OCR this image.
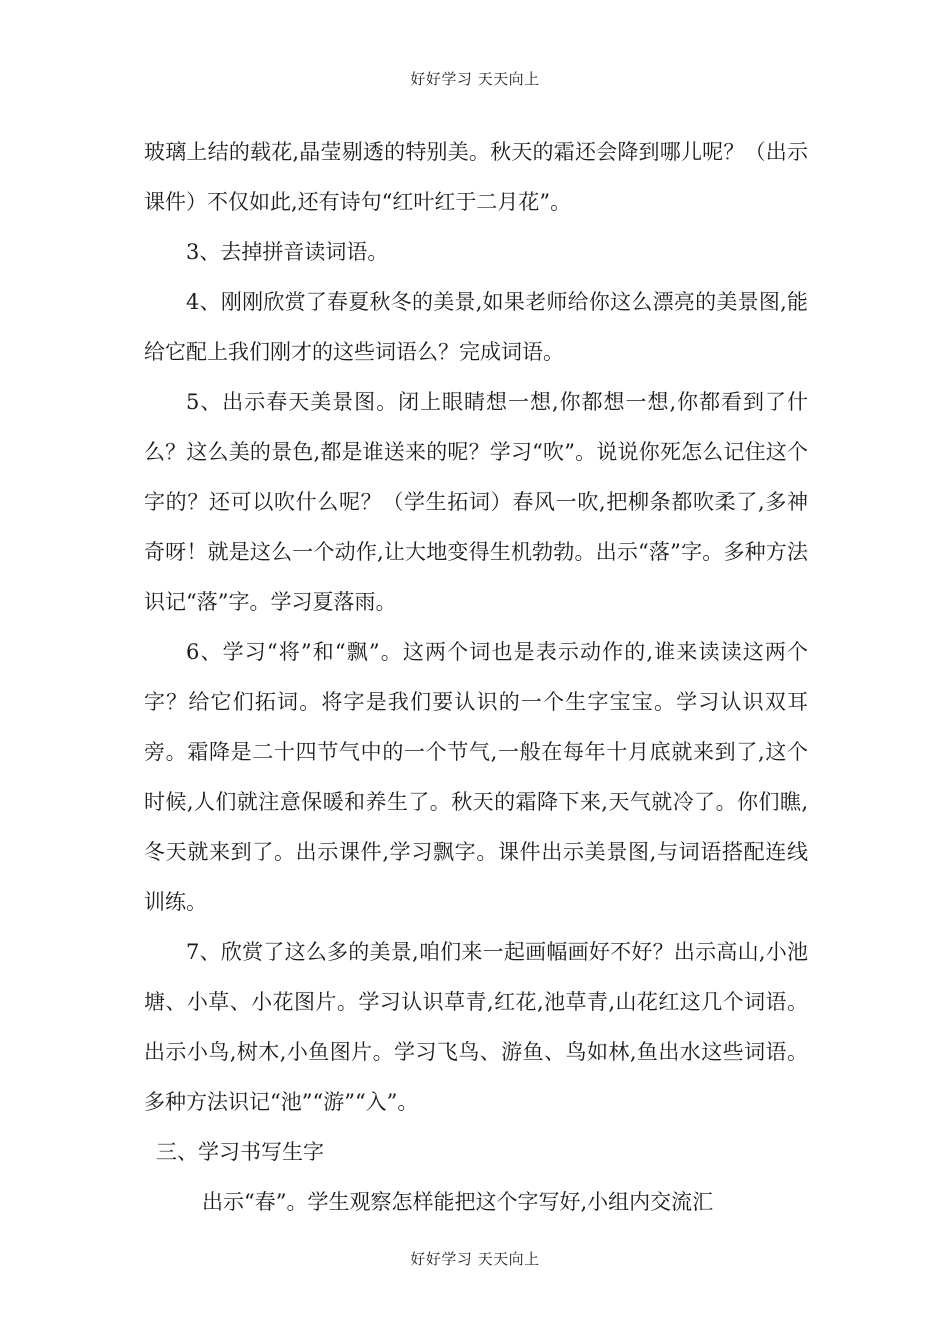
好好学习 天天向上

玻璃上结的载花,晶莹剔透的特别美。秋天的霜还会降到哪儿呢？（出示课件）不仅如此,还有诗句“红叶红于二月花”。

3、去掉拼音读词语。

4、刚刚欣赏了春夏秋冬的美景,如果老师给你这么漂亮的美景图,能给它配上我们刚才的这些词语么？完成词语。

5、出示春天美景图。闭上眼睛想一想,你都想一想,你都看到了什么？这么美的景色,都是谁送来的呢？学习“吹”。说说你死怎么记住这个字的？还可以吹什么呢？（学生拓词）春风一吹,把柳条都吹柔了,多神奇呀！就是这么一个动作,让大地变得生机勃勃。出示“落”字。多种方法识记“落”字。学习夏落雨。

6、学习“将”和“飘”。这两个词也是表示动作的,谁来读读这两个字？给它们拓词。将字是我们要认识的一个生字宝宝。学习认识双耳旁。霜降是二十四节气中的一个节气,一般在每年十月底就来到了,这个时候,人们就注意保暖和养生了。秋天的霜降下来,天气就冷了。你们瞧,冬天就来到了。出示课件,学习飘字。课件出示美景图,与词语搭配连线训练。

7、欣赏了这么多的美景,咱们来一起画幅画好不好？出示高山,小池塘、小草、小花图片。学习认识草青,红花,池草青,山花红这几个词语。出示小鸟,树木,小鱼图片。学习飞鸟、游鱼、鸟如林,鱼出水这些词语。多种方法识记“池”“游”“入”。

三、学习书写生字

出示“春”。学生观察怎样能把这个字写好,小组内交流汇

好好学习 天天向上
